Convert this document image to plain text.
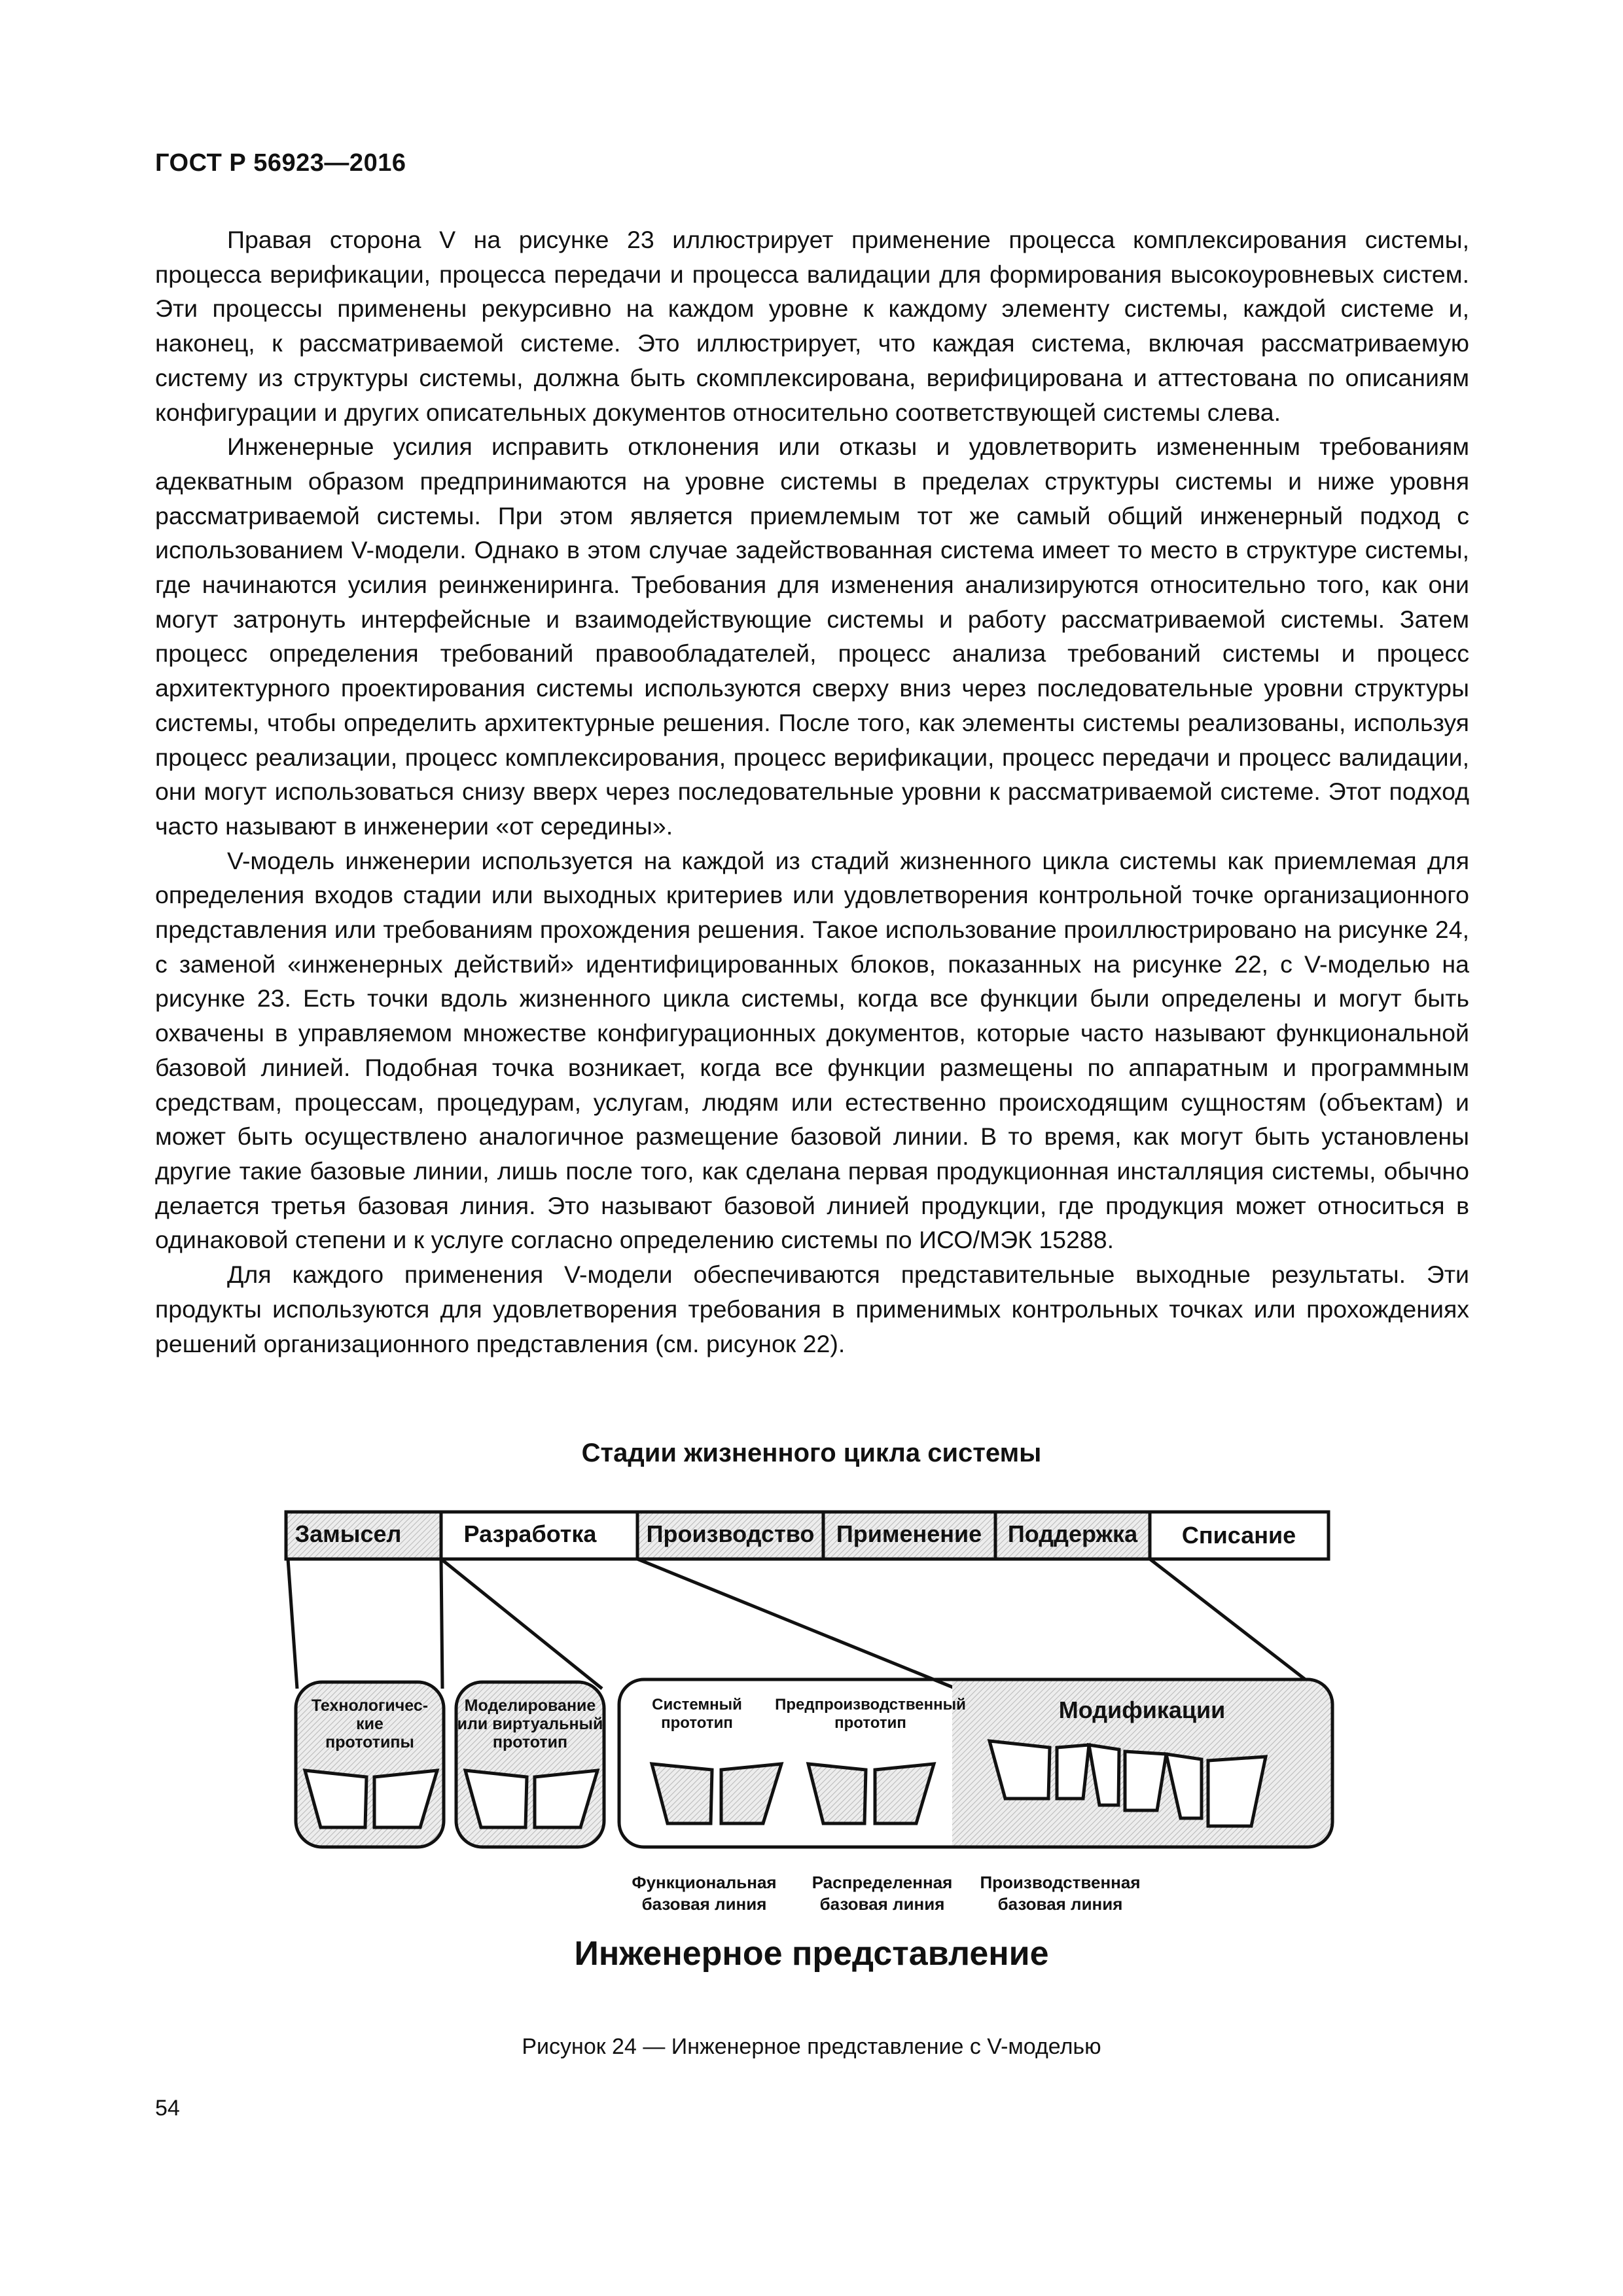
ГОСТ Р 56923—2016

Правая сторона V на рисунке 23 иллюстрирует применение процесса комплексирования системы, процесса верификации, процесса передачи и процесса валидации для формирования высокоуровневых систем. Эти процессы применены рекурсивно на каждом уровне к каждому элементу системы, каждой системе и, наконец, к рассматриваемой системе. Это иллюстрирует, что каждая система, включая рассматриваемую систему из структуры системы, должна быть скомплексирована, верифицирована и аттестована по описаниям конфигурации и других описательных документов относительно соответствующей системы слева.

Инженерные усилия исправить отклонения или отказы и удовлетворить измененным требованиям адекватным образом предпринимаются на уровне системы в пределах структуры системы и ниже уровня рассматриваемой системы. При этом является приемлемым тот же самый общий инженерный подход с использованием V-модели. Однако в этом случае задействованная система имеет то место в структуре системы, где начинаются усилия реинжениринга. Требования для изменения анализируются относительно того, как они могут затронуть интерфейсные и взаимодействующие системы и работу рассматриваемой системы. Затем процесс определения требований правообладателей, процесс анализа требований системы и процесс архитектурного проектирования системы используются сверху вниз через последовательные уровни структуры системы, чтобы определить архитектурные решения. После того, как элементы системы реализованы, используя процесс реализации, процесс комплексирования, процесс верификации, процесс передачи и процесс валидации, они могут использоваться снизу вверх через последовательные уровни к рассматриваемой системе. Этот подход часто называют в инженерии «от середины».

V-модель инженерии используется на каждой из стадий жизненного цикла системы как приемлемая для определения входов стадии или выходных критериев или удовлетворения контрольной точке организационного представления или требованиям прохождения решения. Такое использование проиллюстрировано на рисунке 24, с заменой «инженерных действий» идентифицированных блоков, показанных на рисунке 22, с V-моделью на рисунке 23. Есть точки вдоль жизненного цикла системы, когда все функции были определены и могут быть охвачены в управляемом множестве конфигурационных документов, которые часто называют функциональной базовой линией. Подобная точка возникает, когда все функции размещены по аппаратным и программным средствам, процессам, процедурам, услугам, людям или естественно происходящим сущностям (объектам) и может быть осуществлено аналогичное размещение базовой линии. В то время, как могут быть установлены другие такие базовые линии, лишь после того, как сделана первая продукционная инсталляция системы, обычно делается третья базовая линия. Это называют базовой линией продукции, где продукция может относиться в одинаковой степени и к услуге согласно определению системы по ИСО/МЭК 15288.

Для каждого применения V-модели обеспечиваются представительные выходные результаты. Эти продукты используются для удовлетворения требования в применимых контрольных точках или прохождениях решений организационного представления (см. рисунок 22).

Стадии жизненного цикла системы
Замысел	Разработка Производство Применение Поддержка Списание
Технологичес-
кие
прототипы
Моделирование
или виртуальный
прототип
Системный
прототип
Предпроизводственный
прототип	Модификации
Функциональная
базовая линия
Распределенная
базовая линия
Производственная
базовая линия
Инженерное представление
Рисунок 24 — Инженерное представление с V-моделью
54
